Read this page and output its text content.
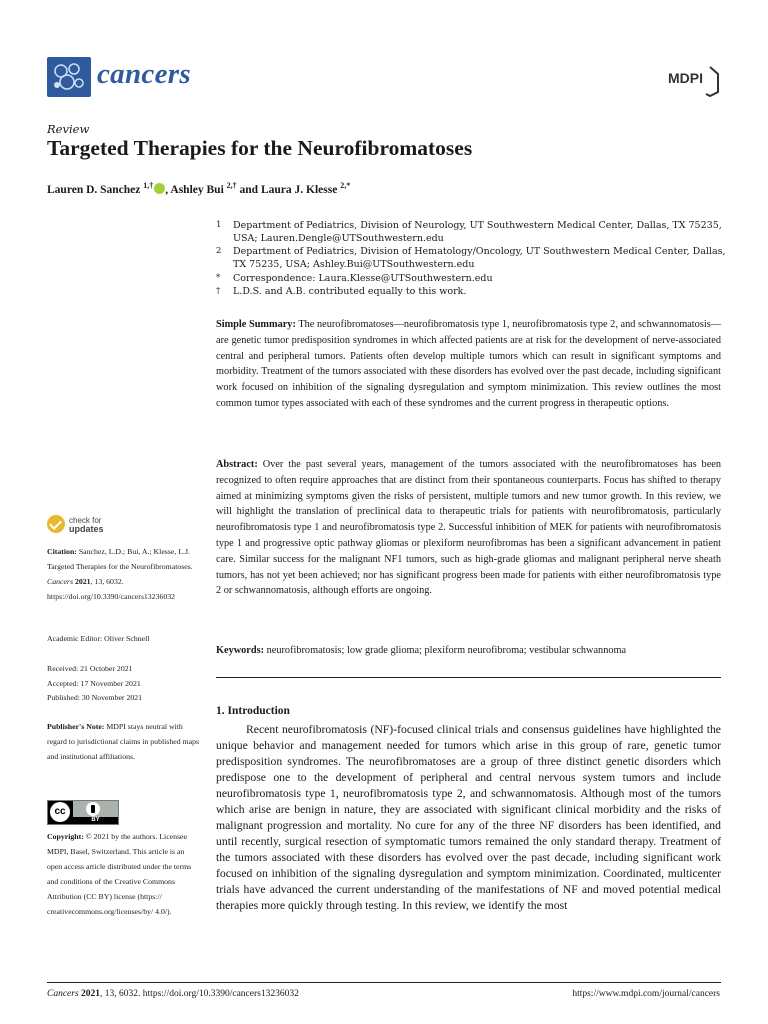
cancers	MDPI
Review
Targeted Therapies for the Neurofibromatoses
Lauren D. Sanchez $^{1,\dagger}$ , Ashley Bui $^{2,\dagger}$ and Laura J. Klesse $^{2,*}$
1 Department of Pediatrics, Division of Neurology, UT Southwestern Medical Center, Dallas, TX 75235, USA; Lauren.Dengle@UTSouthwestern.edu
2 Department of Pediatrics, Division of Hematology/Oncology, UT Southwestern Medical Center, Dallas, TX 75235, USA; Ashley.Bui@UTSouthwestern.edu
* Correspondence: Laura.Klesse@UTSouthwestern.edu
† L.D.S. and A.B. contributed equally to this work.
Simple Summary: The neurofibromatoses—neurofibromatosis type 1, neurofibromatosis type 2, and schwannomatosis—are genetic tumor predisposition syndromes in which affected patients are at risk for the development of nerve-associated central and peripheral tumors. Patients often develop multiple tumors which can result in significant symptoms and morbidity. Treatment of the tumors associated with these disorders has evolved over the past decade, including significant work focused on inhibition of the signaling dysregulation and symptom minimization. This review outlines the most common tumor types associated with each of these syndromes and the current progress in therapeutic options.
Abstract: Over the past several years, management of the tumors associated with the neurofibromatoses has been recognized to often require approaches that are distinct from their spontaneous counterparts. Focus has shifted to therapy aimed at minimizing symptoms given the risks of persistent, multiple tumors and new tumor growth. In this review, we will highlight the translation of preclinical data to therapeutic trials for patients with neurofibromatosis, particularly neurofibromatosis type 1 and neurofibromatosis type 2. Successful inhibition of MEK for patients with neurofibromatosis type 1 and progressive optic pathway gliomas or plexiform neurofibromas has been a significant advancement in patient care. Similar success for the malignant NF1 tumors, such as high-grade gliomas and malignant peripheral nerve sheath tumors, has not yet been achieved; nor has significant progress been made for patients with either neurofibromatosis type 2 or schwannomatosis, although efforts are ongoing.
Keywords: neurofibromatosis; low grade glioma; plexiform neurofibroma; vestibular schwannoma
check for
updates
Citation: Sanchez, L.D.; Bui, A.; Klesse, L.J. Targeted Therapies for the Neurofibromatoses. Cancers 2021, 13, 6032. https://doi.org/10.3390/cancers13236032
Academic Editor: Oliver Schnell
Received: 21 October 2021
Accepted: 17 November 2021
Published: 30 November 2021
Publisher's Note: MDPI stays neutral with regard to jurisdictional claims in published maps and institutional affiliations.
cc
BY
Copyright: © 2021 by the authors. Licensee MDPI, Basel, Switzerland. This article is an open access article distributed under the terms and conditions of the Creative Commons Attribution (CC BY) license (https:// creativecommons.org/licenses/by/ 4.0/).
1. Introduction
Recent neurofibromatosis (NF)-focused clinical trials and consensus guidelines have highlighted the unique behavior and management needed for tumors which arise in this group of rare, genetic tumor predisposition syndromes. The neurofibromatoses are a group of three distinct genetic disorders which predispose one to the development of peripheral and central nervous system tumors and include neurofibromatosis type 1, neurofibromatosis type 2, and schwannomatosis. Although most of the tumors which arise are benign in nature, they are associated with significant clinical morbidity and the risks of malignant progression and mortality. No cure for any of the three NF disorders has been identified, and until recently, surgical resection of symptomatic tumors remained the only standard therapy. Treatment of the tumors associated with these disorders has evolved over the past decade, including significant work focused on inhibition of the signaling dysregulation and symptom minimization. Coordinated, multicenter trials have advanced the current understanding of the manifestations of NF and moved potential medical therapies more quickly through testing. In this review, we identify the most
Cancers 2021, 13, 6032. https://doi.org/10.3390/cancers13236032	https://www.mdpi.com/journal/cancers
